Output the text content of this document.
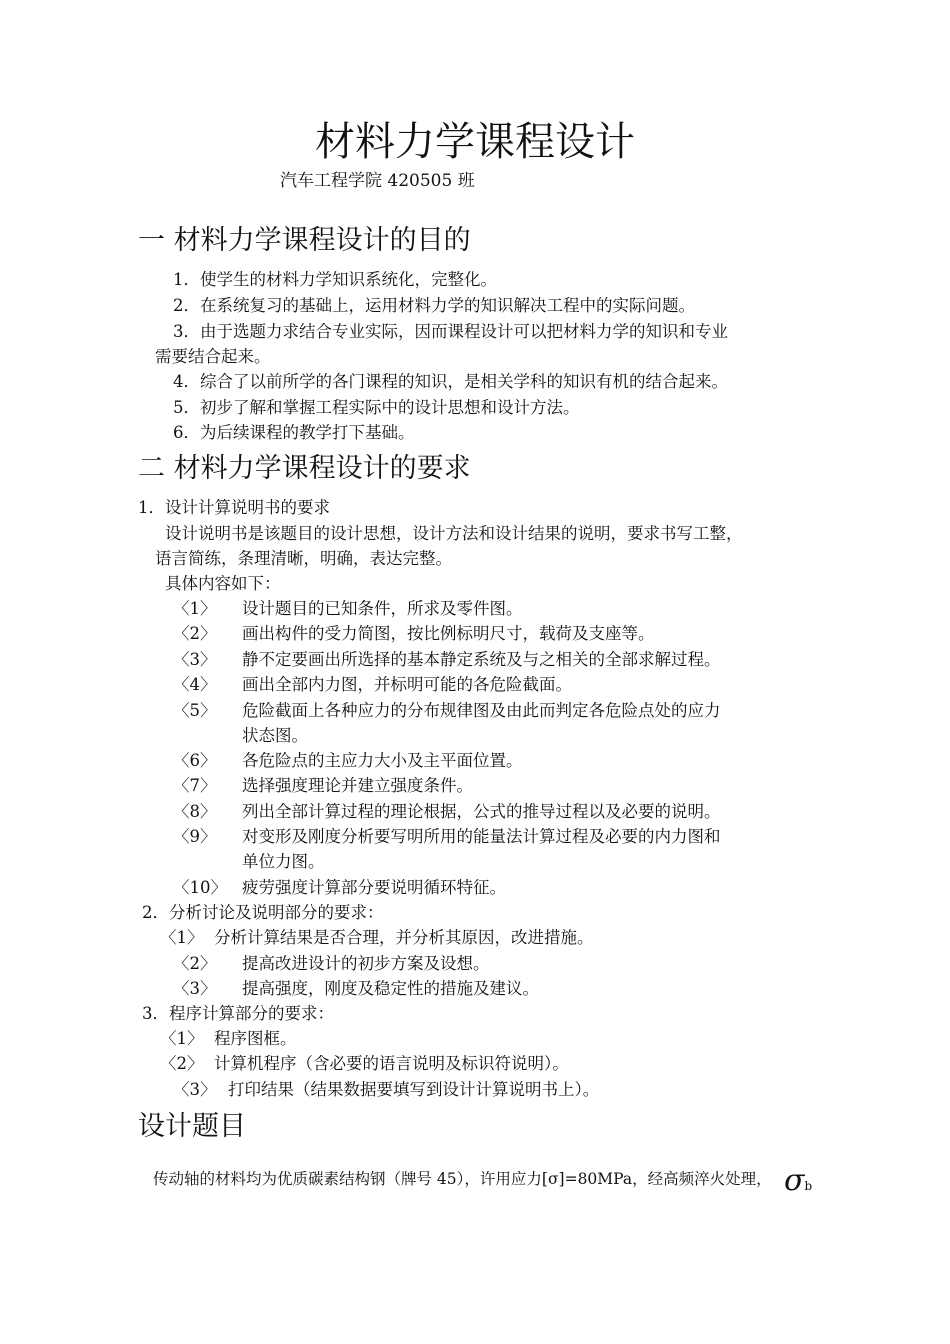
材料力学课程设计
汽车工程学院 420505 班
一 材料力学课程设计的目的
1．使学生的材料力学知识系统化，完整化。
2．在系统复习的基础上，运用材料力学的知识解决工程中的实际问题。
3．由于选题力求结合专业实际，因而课程设计可以把材料力学的知识和专业
需要结合起来。
4．综合了以前所学的各门课程的知识，是相关学科的知识有机的结合起来。
5．初步了解和掌握工程实际中的设计思想和设计方法。
6．为后续课程的教学打下基础。
二 材料力学课程设计的要求
1．设计计算说明书的要求
设计说明书是该题目的设计思想，设计方法和设计结果的说明，要求书写工整，
语言简练，条理清晰，明确，表达完整。
具体内容如下：
〈1〉 设计题目的已知条件，所求及零件图。
〈2〉 画出构件的受力简图，按比例标明尺寸，载荷及支座等。
〈3〉 静不定要画出所选择的基本静定系统及与之相关的全部求解过程。
〈4〉 画出全部内力图，并标明可能的各危险截面。
〈5〉 危险截面上各种应力的分布规律图及由此而判定各危险点处的应力
状态图。
〈6〉 各危险点的主应力大小及主平面位置。
〈7〉 选择强度理论并建立强度条件。
〈8〉 列出全部计算过程的理论根据，公式的推导过程以及必要的说明。
〈9〉 对变形及刚度分析要写明所用的能量法计算过程及必要的内力图和
单位力图。
〈10〉 疲劳强度计算部分要说明循环特征。
2．分析讨论及说明部分的要求：
〈1〉 分析计算结果是否合理，并分析其原因，改进措施。
〈2〉 提高改进设计的初步方案及设想。
〈3〉 提高强度，刚度及稳定性的措施及建议。
3．程序计算部分的要求：
〈1〉 程序图框。
〈2〉 计算机程序（含必要的语言说明及标识符说明）。
〈3〉 打印结果（结果数据要填写到设计计算说明书上）。
设计题目
传动轴的材料均为优质碳素结构钢（牌号 45），许用应力[σ]=80MPa，经高频淬火处理， σb
